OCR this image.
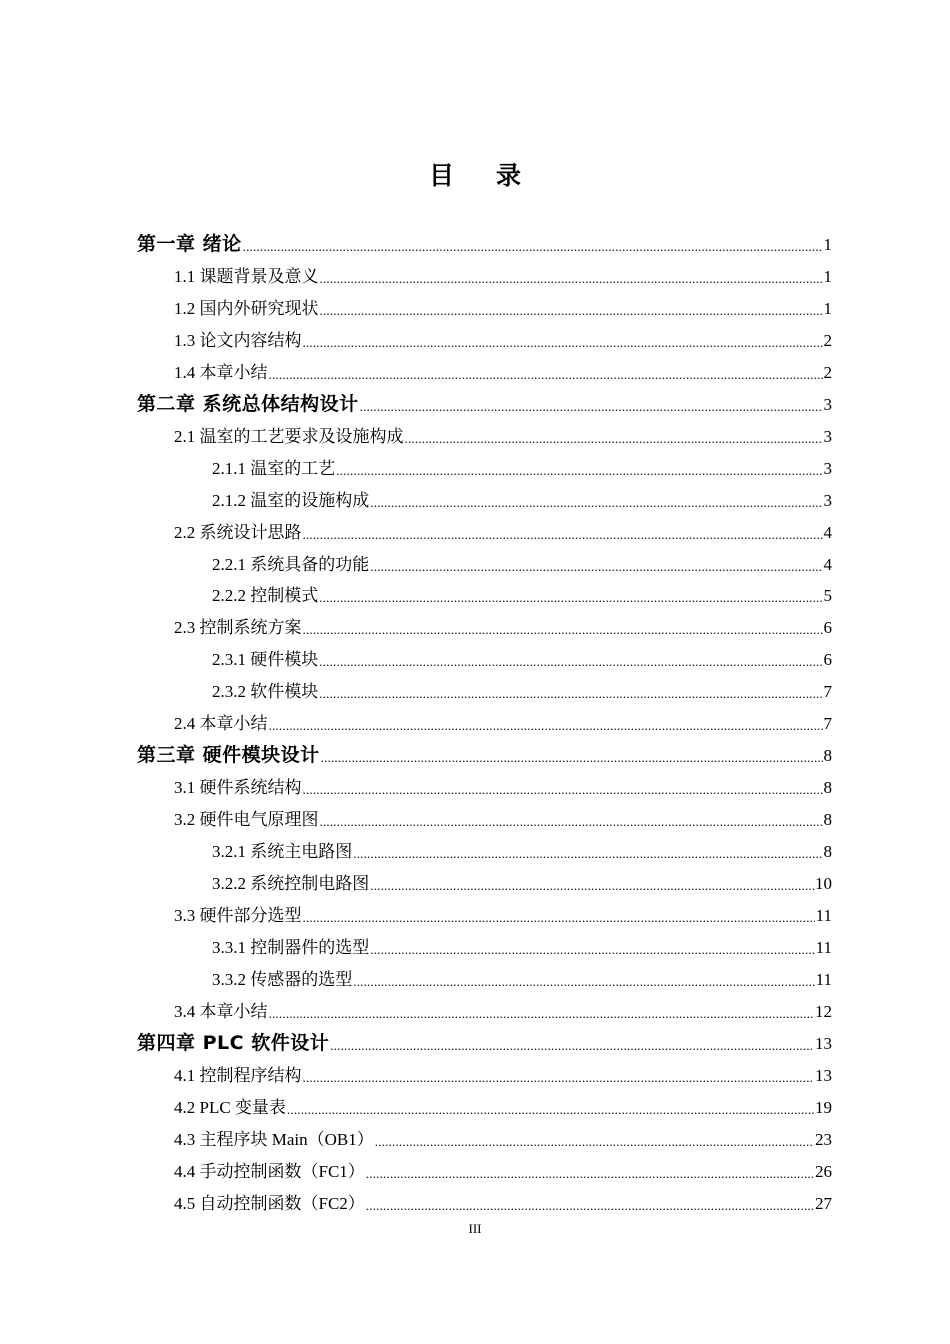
目录
第一章 绪论 .....	1
1.1 课题背景及意义 .....	1
1.2 国内外研究现状 .....	1
1.3 论文内容结构 .....	2
1.4 本章小结 .....	2
第二章 系统总体结构设计 .....	3
2.1 温室的工艺要求及设施构成 .....	3
2.1.1 温室的工艺 .....	3
2.1.2 温室的设施构成 .....	3
2.2 系统设计思路 .....	4
2.2.1 系统具备的功能 .....	4
2.2.2 控制模式 .....	5
2.3 控制系统方案 .....	6
2.3.1 硬件模块 .....	6
2.3.2 软件模块 .....	7
2.4 本章小结 .....	7
第三章 硬件模块设计 .....	8
3.1 硬件系统结构 .....	8
3.2 硬件电气原理图 .....	8
3.2.1 系统主电路图 .....	8
3.2.2 系统控制电路图 .....	10
3.3 硬件部分选型 .....	11
3.3.1 控制器件的选型 .....	11
3.3.2 传感器的选型 .....	11
3.4 本章小结 .....	12
第四章 PLC 软件设计 .....	13
4.1 控制程序结构 .....	13
4.2 PLC 变量表 .....	19
4.3 主程序块 Main（OB1） .....	23
4.4 手动控制函数（FC1） .....	26
4.5 自动控制函数（FC2） .....	27
III
